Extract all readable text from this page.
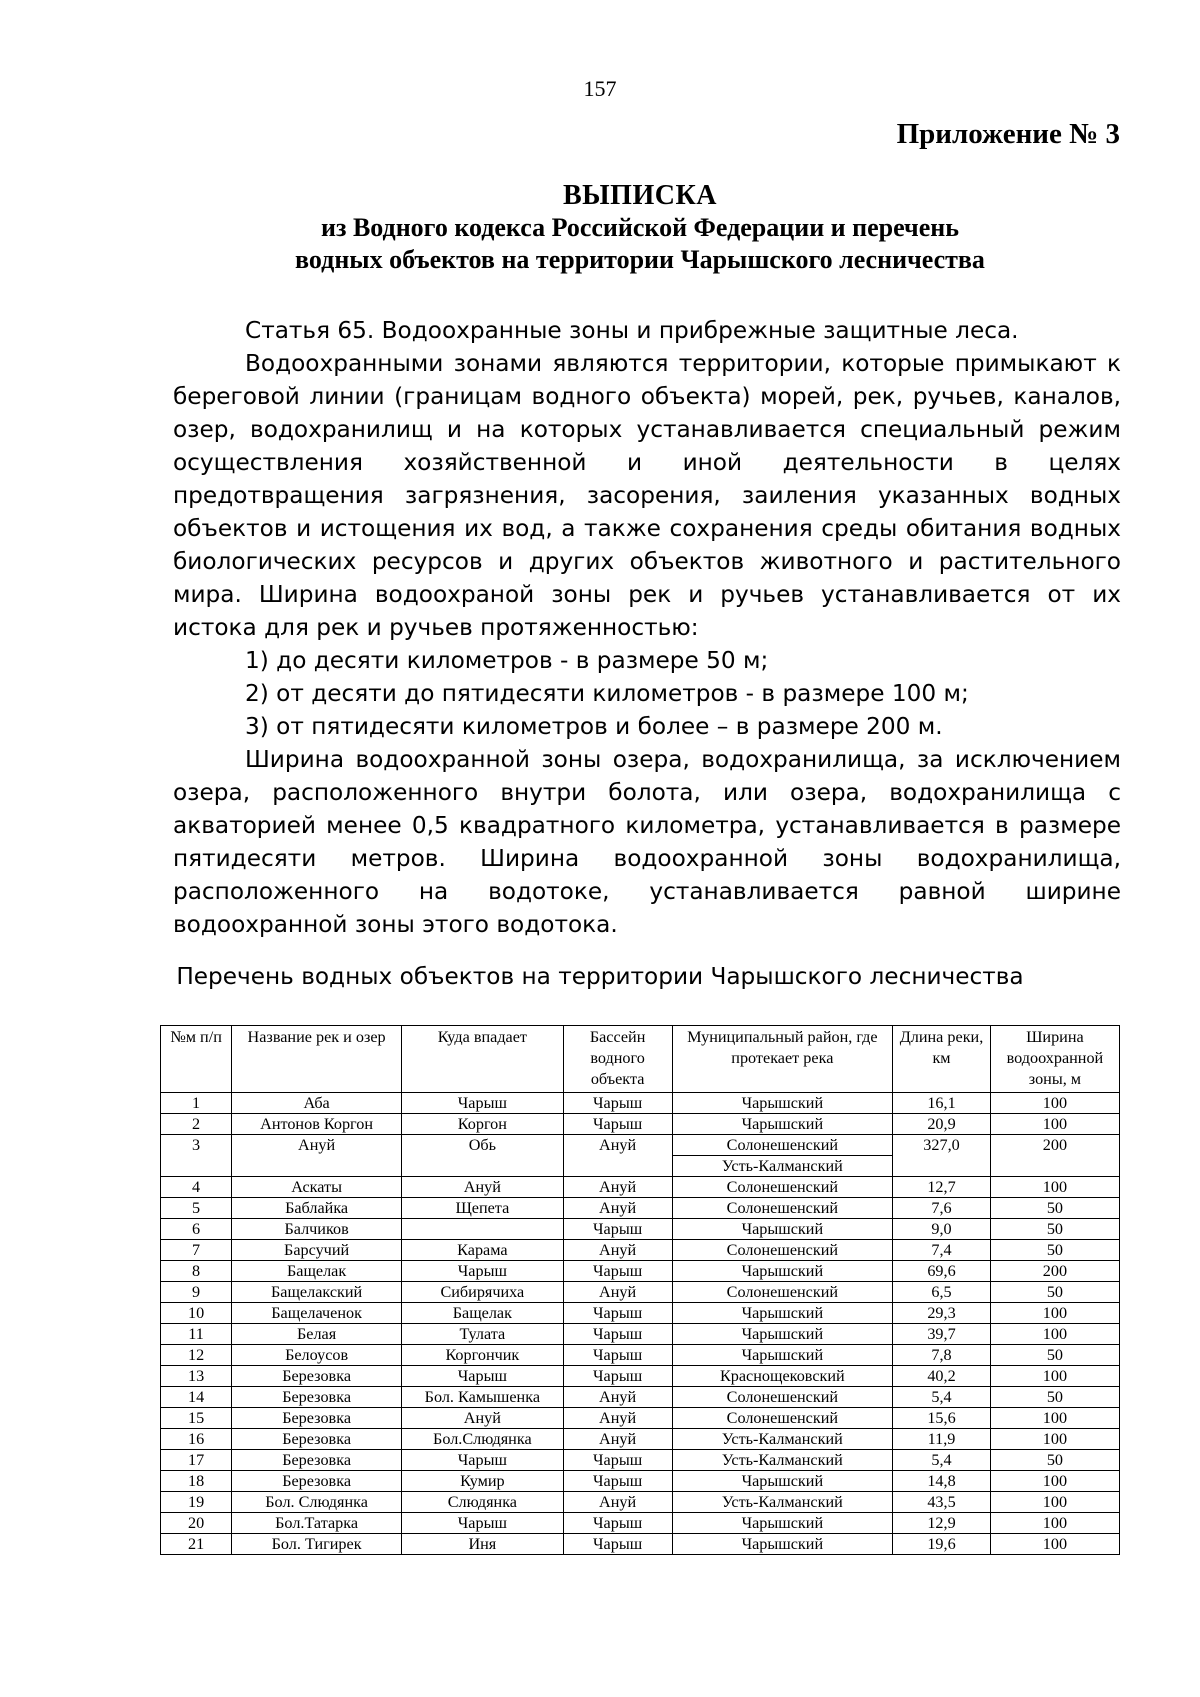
157
Приложение № 3
ВЫПИСКА
из Водного кодекса Российской Федерации и перечень
водных объектов на территории Чарышского лесничества

Статья 65. Водоохранные зоны и прибрежные защитные леса.

Водоохранными зонами являются территории, которые примыкают к береговой линии (границам водного объекта) морей, рек, ручьев, каналов, озер, водохранилищ и на которых устанавливается специальный режим осуществления хозяйственной и иной деятельности в целях предотвращения загрязнения, засорения, заиления указанных водных объектов и истощения их вод, а также сохранения среды обитания водных биологических ресурсов и других объектов животного и растительного мира. Ширина водоохраной зоны рек и ручьев устанавливается от их истока для рек и ручьев протяженностью:

1) до десяти километров - в размере 50 м;

2) от десяти до пятидесяти километров - в размере 100 м;

3) от пятидесяти километров и более – в размере 200 м.

Ширина водоохранной зоны озера, водохранилища, за исключением озера, расположенного внутри болота, или озера, водохранилища с акваторией менее 0,5 квадратного километра, устанавливается в размере пятидесяти метров. Ширина водоохранной зоны водохранилища, расположенного на водотоке, устанавливается равной ширине водоохранной зоны этого водотока.

Перечень водных объектов на территории Чарышского лесничества
№м п/п	Название рек и озер	Куда впадает	Бассейн водного объекта	Муниципальный район, где протекает река	Длина реки, км	Ширина водоохранной зоны, м
1	Аба	Чарыш	Чарыш	Чарышский	16,1	100
2	Антонов Коргон	Коргон	Чарыш	Чарышский	20,9	100
3	Ануй	Обь	Ануй	Солонешенский	327,0	200
				Усть-Калманский		
4	Аскаты	Ануй	Ануй	Солонешенский	12,7	100
5	Баблайка	Щепета	Ануй	Солонешенский	7,6	50
6	Балчиков		Чарыш	Чарышский	9,0	50
7	Барсучий	Карама	Ануй	Солонешенский	7,4	50
8	Бащелак	Чарыш	Чарыш	Чарышский	69,6	200
9	Бащелакский	Сибирячиха	Ануй	Солонешенский	6,5	50
10	Бащелаченок	Бащелак	Чарыш	Чарышский	29,3	100
11	Белая	Тулата	Чарыш	Чарышский	39,7	100
12	Белоусов	Коргончик	Чарыш	Чарышский	7,8	50
13	Березовка	Чарыш	Чарыш	Краснощековский	40,2	100
14	Березовка	Бол. Камышенка	Ануй	Солонешенский	5,4	50
15	Березовка	Ануй	Ануй	Солонешенский	15,6	100
16	Березовка	Бол.Слюдянка	Ануй	Усть-Калманский	11,9	100
17	Березовка	Чарыш	Чарыш	Усть-Калманский	5,4	50
18	Березовка	Кумир	Чарыш	Чарышский	14,8	100
19	Бол. Слюдянка	Слюдянка	Ануй	Усть-Калманский	43,5	100
20	Бол.Татарка	Чарыш	Чарыш	Чарышский	12,9	100
21	Бол. Тигирек	Иня	Чарыш	Чарышский	19,6	100
